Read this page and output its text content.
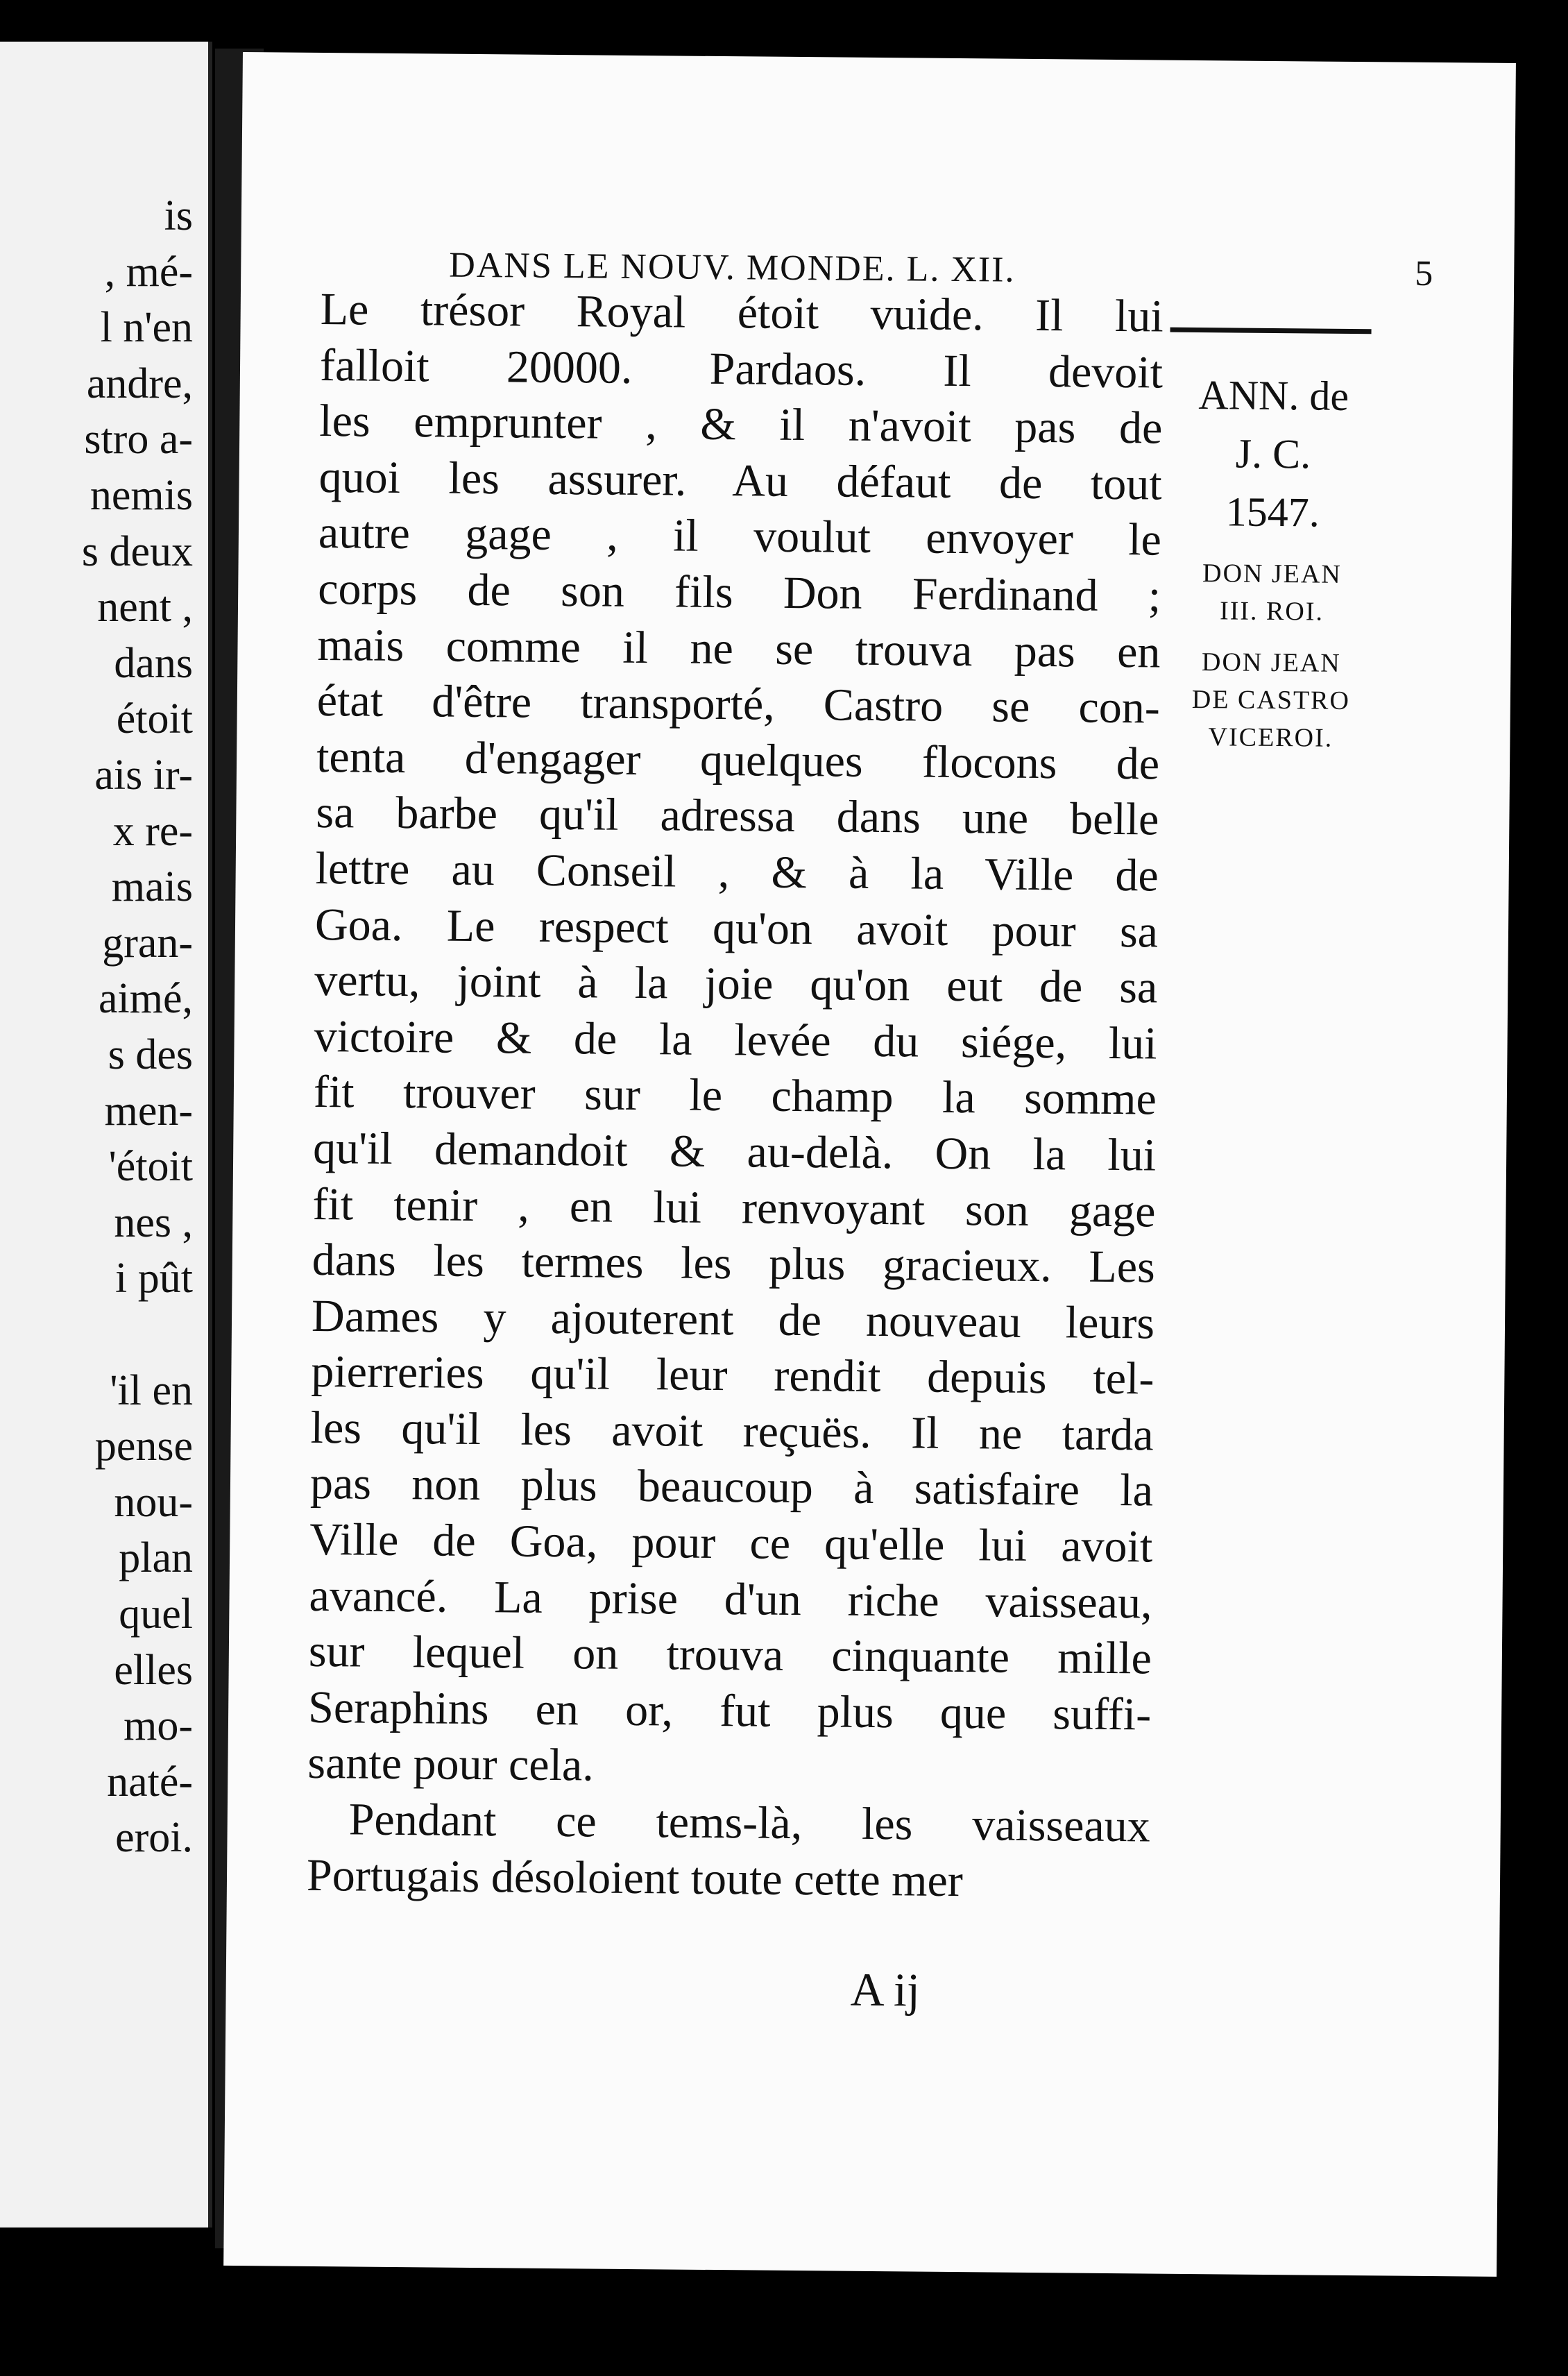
is
, mé-
l n'en
andre,
stro a-
nemis
s deux
nent ,
dans
étoit
ais ir-
x re-
mais
gran-
aimé,
s des
men-
'étoit
nes ,
i pût
'il en
pense
nou-
plan
quel
elles
mo-
naté-
eroi.
DANS LE NOUV. MONDE. L. XII.	5
Le trésor Royal étoit vuide. Il lui
falloit 20000. Pardaos. Il devoit
les emprunter , & il n'avoit pas de
quoi les assurer. Au défaut de tout
autre gage , il voulut envoyer le
corps de son fils Don Ferdinand ;
mais comme il ne se trouva pas en
état d'être transporté, Castro se con-
tenta d'engager quelques flocons de
sa barbe qu'il adressa dans une belle
lettre au Conseil , & à la Ville de
Goa. Le respect qu'on avoit pour sa
vertu, joint à la joie qu'on eut de sa
victoire & de la levée du siége, lui
fit trouver sur le champ la somme
qu'il demandoit & au-delà. On la lui
fit tenir , en lui renvoyant son gage
dans les termes les plus gracieux. Les
Dames y ajouterent de nouveau leurs
pierreries qu'il leur rendit depuis tel-
les qu'il les avoit reçuës. Il ne tarda
pas non plus beaucoup à satisfaire la
Ville de Goa, pour ce qu'elle lui avoit
avancé. La prise d'un riche vaisseau,
sur lequel on trouva cinquante mille
Seraphins en or, fut plus que suffi-
sante pour cela.
Pendant ce tems-là, les vaisseaux
Portugais désoloient toute cette mer
ANN. de
J. C.
1547.
DON JEAN
III. ROI.
DON JEAN
DE CASTRO
VICEROI.
A ij
